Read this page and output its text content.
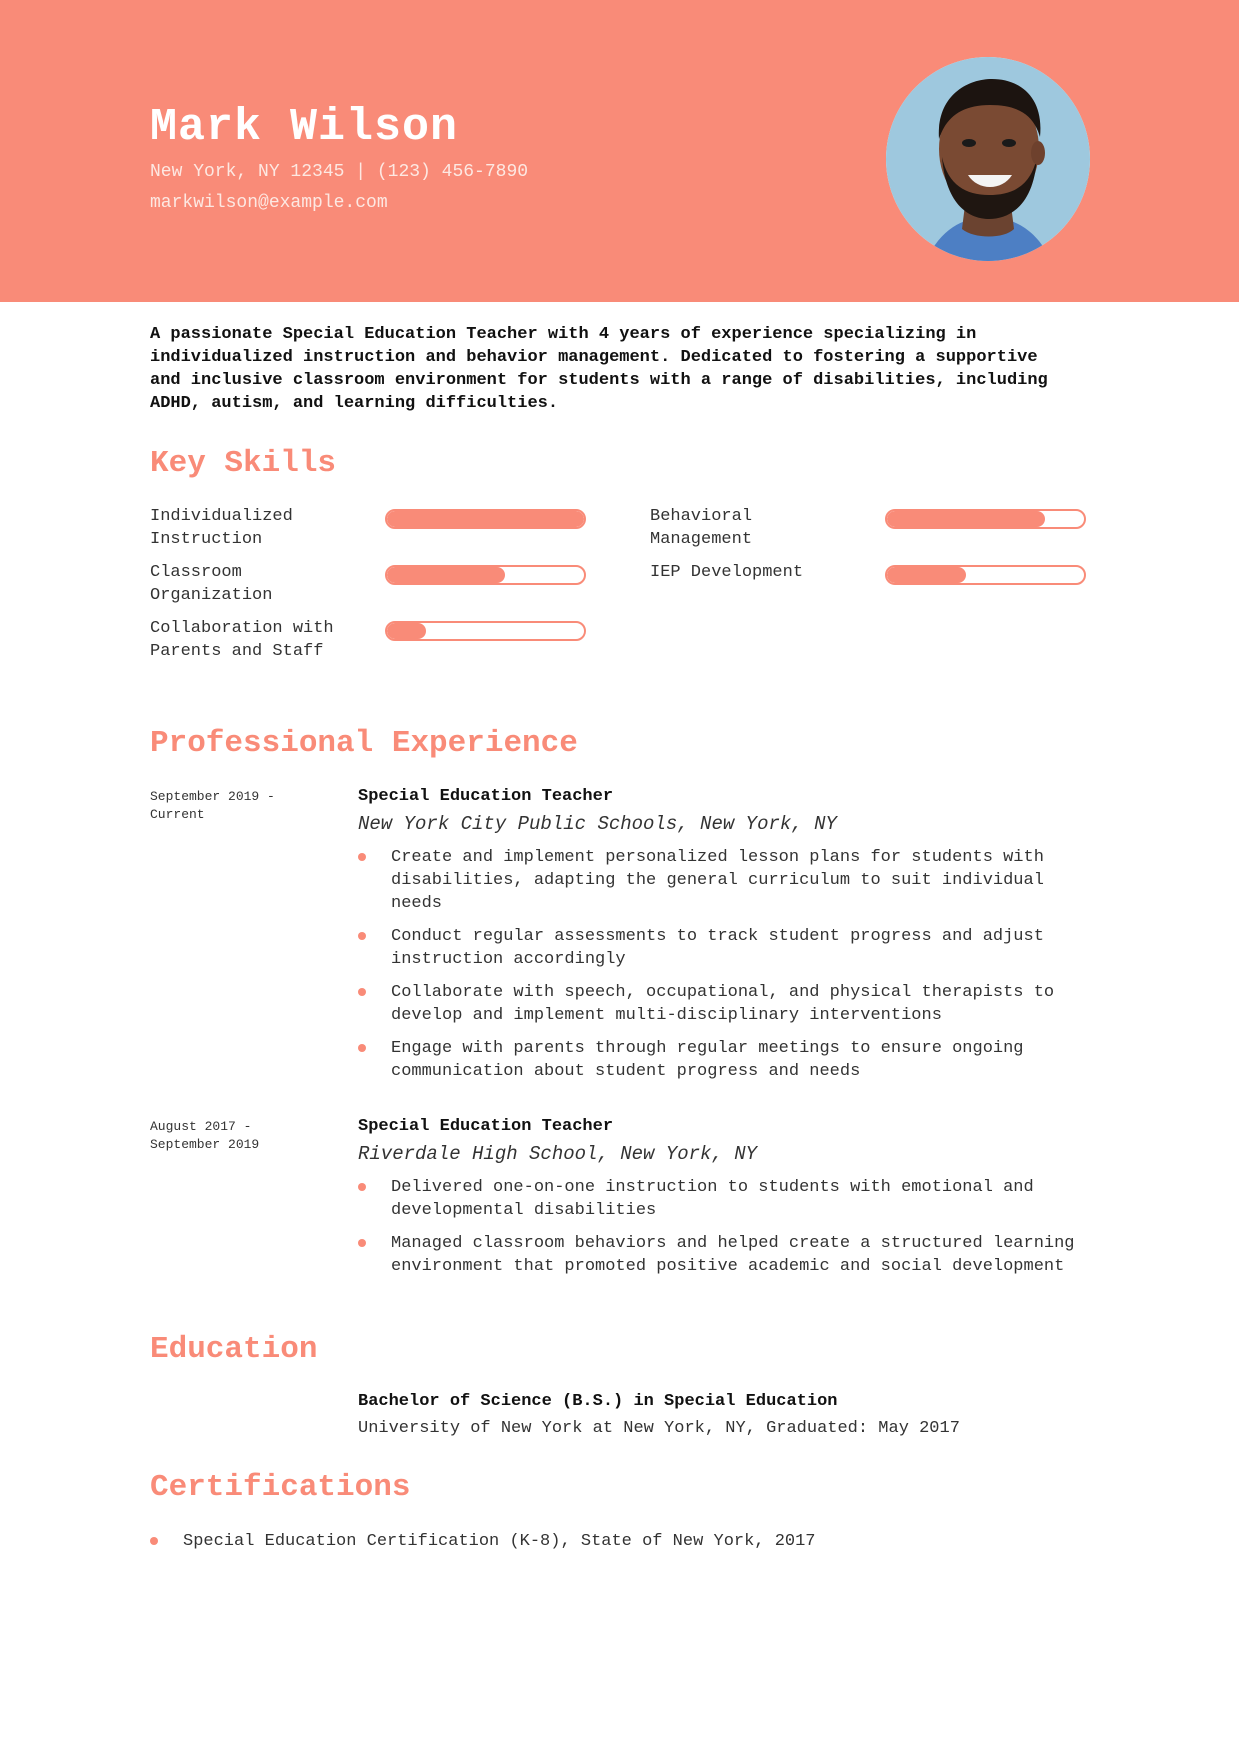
Mark Wilson
New York, NY 12345 | (123) 456-7890
markwilson@example.com

A passionate Special Education Teacher with 4 years of experience specializing in individualized instruction and behavior management. Dedicated to fostering a supportive and inclusive classroom environment for students with a range of disabilities, including ADHD, autism, and learning difficulties.

Key Skills
Individualized Instruction
Behavioral Management
Classroom Organization
IEP Development
Collaboration with Parents and Staff
Professional Experience
September 2019 - Current
Special Education Teacher
New York City Public Schools, New York, NY
Create and implement personalized lesson plans for students with disabilities, adapting the general curriculum to suit individual needs
Conduct regular assessments to track student progress and adjust instruction accordingly
Collaborate with speech, occupational, and physical therapists to develop and implement multi-disciplinary interventions
Engage with parents through regular meetings to ensure ongoing communication about student progress and needs
August 2017 - September 2019
Special Education Teacher
Riverdale High School, New York, NY
Delivered one-on-one instruction to students with emotional and developmental disabilities
Managed classroom behaviors and helped create a structured learning environment that promoted positive academic and social development
Education
Bachelor of Science (B.S.) in Special Education
University of New York at New York, NY, Graduated: May 2017
Certifications
Special Education Certification (K-8), State of New York, 2017
